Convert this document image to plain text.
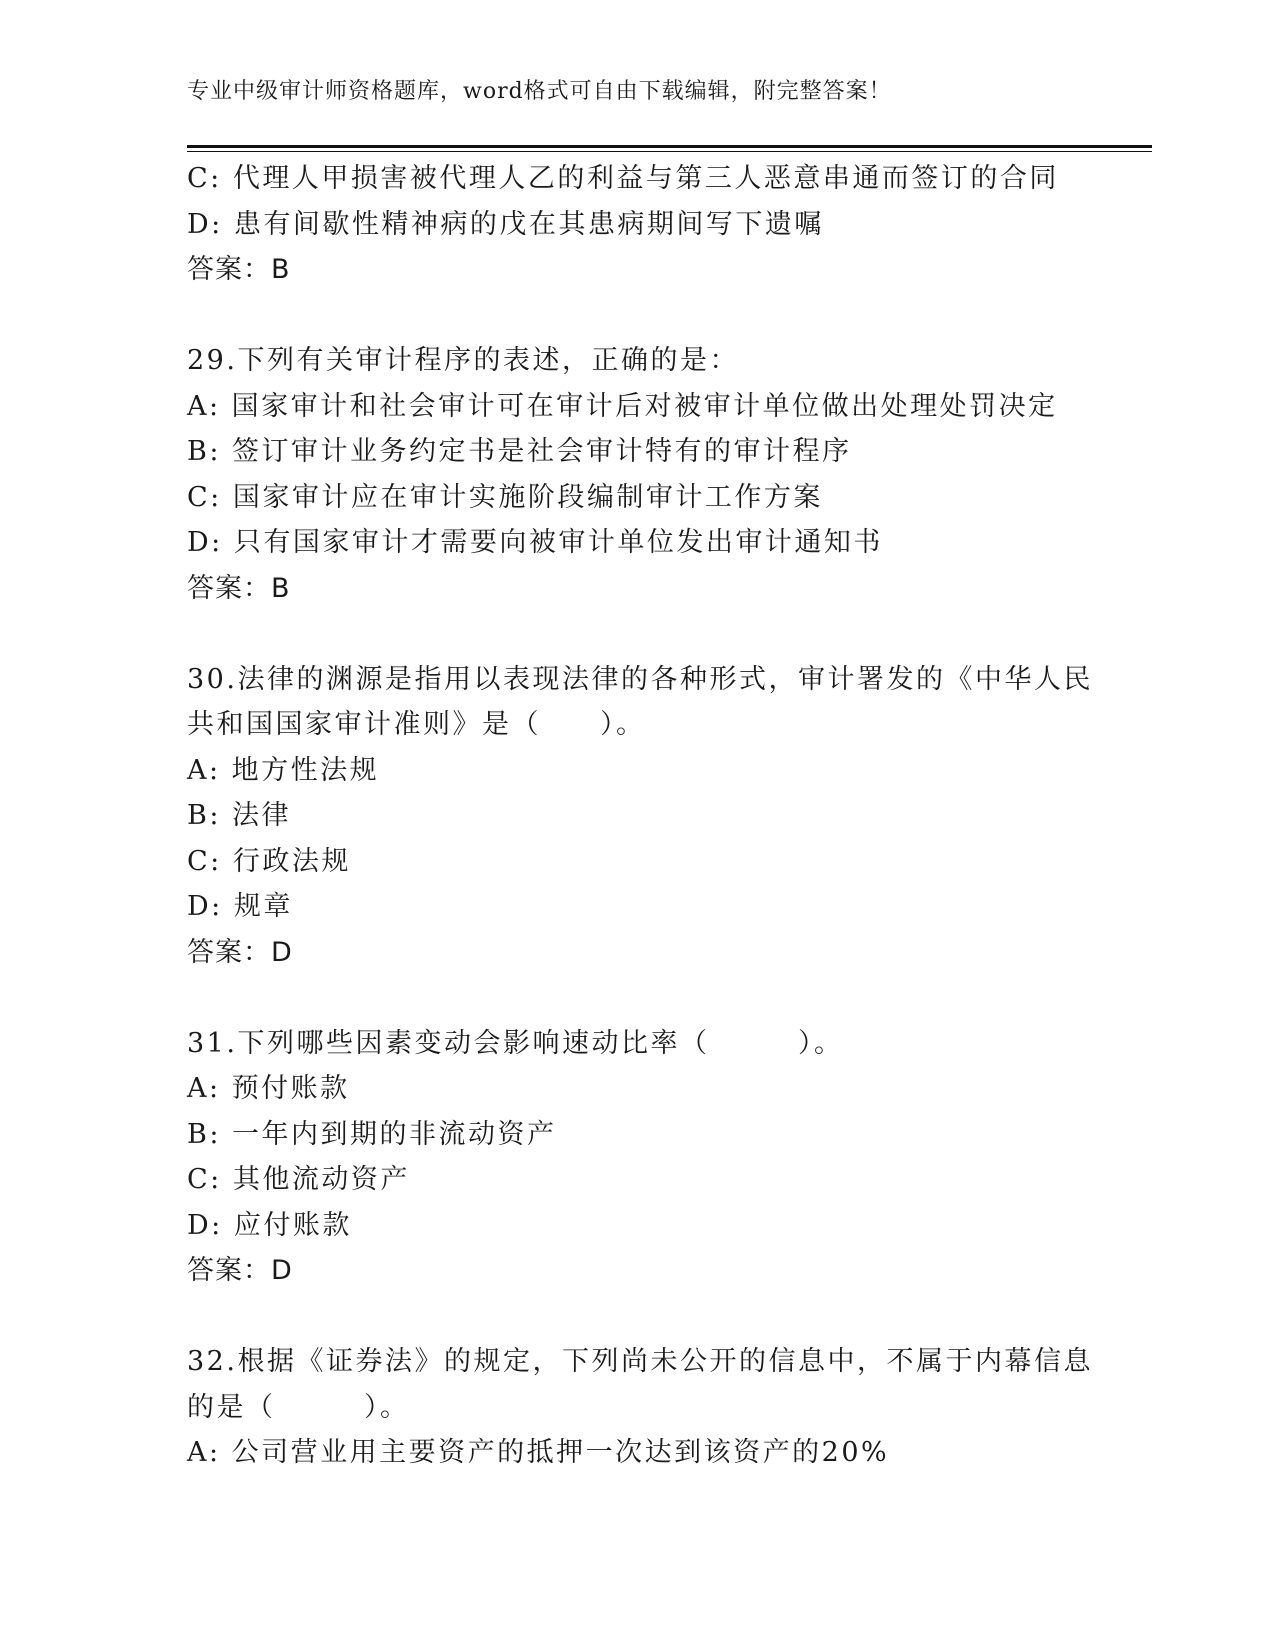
专业中级审计师资格题库，word格式可自由下载编辑，附完整答案！
C: 代理人甲损害被代理人乙的利益与第三人恶意串通而签订的合同
D: 患有间歇性精神病的戊在其患病期间写下遗嘱
答案：B
29.下列有关审计程序的表述，正确的是：
A: 国家审计和社会审计可在审计后对被审计单位做出处理处罚决定
B: 签订审计业务约定书是社会审计特有的审计程序
C: 国家审计应在审计实施阶段编制审计工作方案
D: 只有国家审计才需要向被审计单位发出审计通知书
答案：B
30.法律的渊源是指用以表现法律的各种形式，审计署发的《中华人民
共和国国家审计准则》是（　　）。
A: 地方性法规
B: 法律
C: 行政法规
D: 规章
答案：D
31.下列哪些因素变动会影响速动比率（　　　）。
A: 预付账款
B: 一年内到期的非流动资产
C: 其他流动资产
D: 应付账款
答案：D
32.根据《证券法》的规定，下列尚未公开的信息中，不属于内幕信息
的是（　　　）。
A: 公司营业用主要资产的抵押一次达到该资产的20%
